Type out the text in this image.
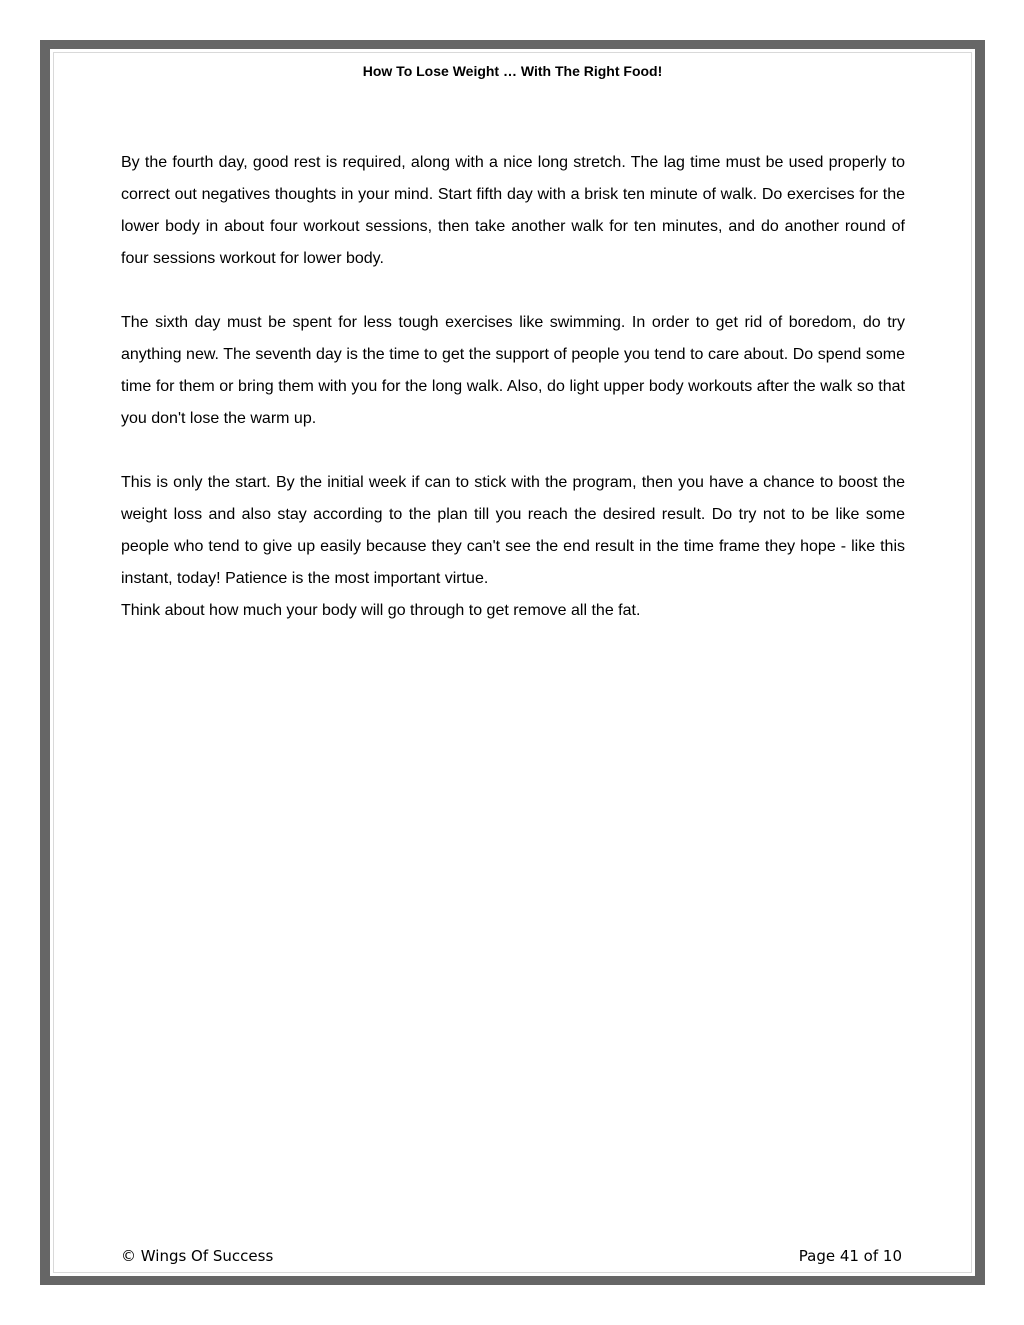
How To Lose Weight … With The Right Food!

By the fourth day, good rest is required, along with a nice long stretch. The lag time must be used properly to correct out negatives thoughts in your mind. Start fifth day with a brisk ten minute of walk. Do exercises for the lower body in about four workout sessions, then take another walk for ten minutes, and do another round of four sessions workout for lower body.

The sixth day must be spent for less tough exercises like swimming. In order to get rid of boredom, do try anything new. The seventh day is the time to get the support of people you tend to care about. Do spend some time for them or bring them with you for the long walk. Also, do light upper body workouts after the walk so that you don't lose the warm up.

This is only the start. By the initial week if can to stick with the program, then you have a chance to boost the weight loss and also stay according to the plan till you reach the desired result. Do try not to be like some people who tend to give up easily because they can't see the end result in the time frame they hope - like this instant, today! Patience is the most important virtue.

Think about how much your body will go through to get remove all the fat.

© Wings Of Success	Page 41 of 10
